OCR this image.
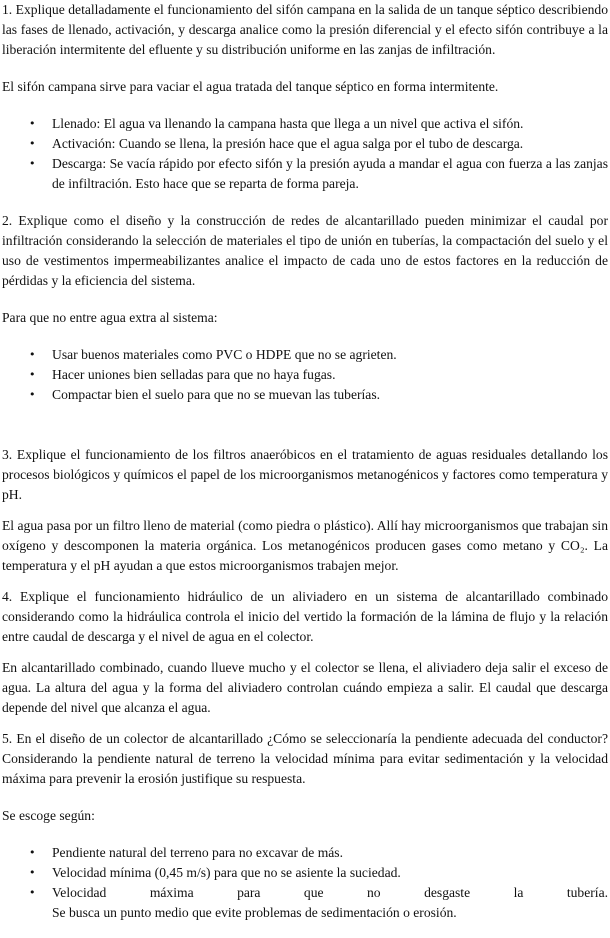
1. Explique detalladamente el funcionamiento del sifón campana en la salida de un tanque séptico describiendo las fases de llenado, activación, y descarga analice como la presión diferencial y el efecto sifón contribuye a la liberación intermitente del efluente y su distribución uniforme en las zanjas de infiltración.

El sifón campana sirve para vaciar el agua tratada del tanque séptico en forma intermitente.

• Llenado: El agua va llenando la campana hasta que llega a un nivel que activa el sifón.
• Activación: Cuando se llena, la presión hace que el agua salga por el tubo de descarga.
• Descarga: Se vacía rápido por efecto sifón y la presión ayuda a mandar el agua con fuerza a las zanjas de infiltración. Esto hace que se reparta de forma pareja.

2. Explique como el diseño y la construcción de redes de alcantarillado pueden minimizar el caudal por infiltración considerando la selección de materiales el tipo de unión en tuberías, la compactación del suelo y el uso de vestimentos impermeabilizantes analice el impacto de cada uno de estos factores en la reducción de pérdidas y la eficiencia del sistema.

Para que no entre agua extra al sistema:

• Usar buenos materiales como PVC o HDPE que no se agrieten.
• Hacer uniones bien selladas para que no haya fugas.
• Compactar bien el suelo para que no se muevan las tuberías.

3. Explique el funcionamiento de los filtros anaeróbicos en el tratamiento de aguas residuales detallando los procesos biológicos y químicos el papel de los microorganismos metanogénicos y factores como temperatura y pH.

El agua pasa por un filtro lleno de material (como piedra o plástico). Allí hay microorganismos que trabajan sin oxígeno y descomponen la materia orgánica. Los metanogénicos producen gases como metano y CO₂. La temperatura y el pH ayudan a que estos microorganismos trabajen mejor.

4. Explique el funcionamiento hidráulico de un aliviadero en un sistema de alcantarillado combinado considerando como la hidráulica controla el inicio del vertido la formación de la lámina de flujo y la relación entre caudal de descarga y el nivel de agua en el colector.

En alcantarillado combinado, cuando llueve mucho y el colector se llena, el aliviadero deja salir el exceso de agua. La altura del agua y la forma del aliviadero controlan cuándo empieza a salir. El caudal que descarga depende del nivel que alcanza el agua.

5. En el diseño de un colector de alcantarillado ¿Cómo se seleccionaría la pendiente adecuada del conductor? Considerando la pendiente natural de terreno la velocidad mínima para evitar sedimentación y la velocidad máxima para prevenir la erosión justifique su respuesta.

Se escoge según:

• Pendiente natural del terreno para no excavar de más.
• Velocidad mínima (0,45 m/s) para que no se asiente la suciedad.
• Velocidad máxima para que no desgaste la tubería.
Se busca un punto medio que evite problemas de sedimentación o erosión.
